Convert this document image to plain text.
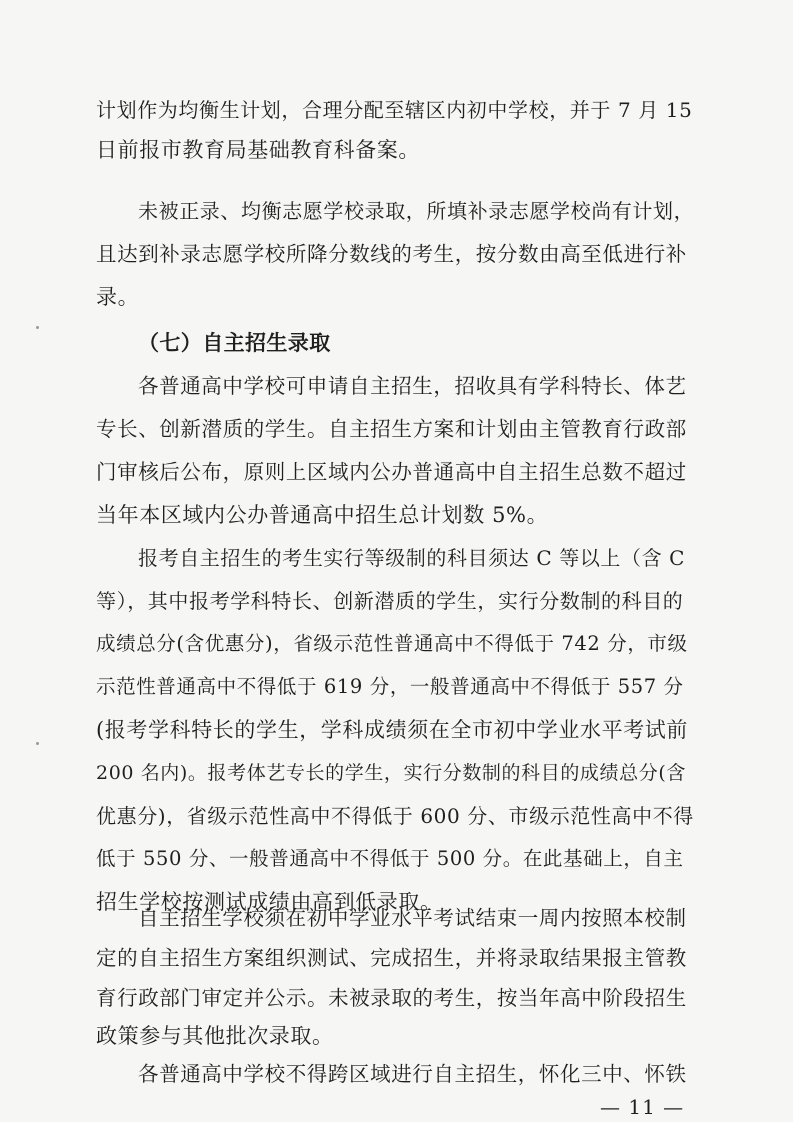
计划作为均衡生计划，合理分配至辖区内初中学校，并于 7 月 15
日前报市教育局基础教育科备案。
未被正录、均衡志愿学校录取，所填补录志愿学校尚有计划，
且达到补录志愿学校所降分数线的考生，按分数由高至低进行补
录。
（七）自主招生录取
各普通高中学校可申请自主招生，招收具有学科特长、体艺
专长、创新潜质的学生。自主招生方案和计划由主管教育行政部
门审核后公布，原则上区域内公办普通高中自主招生总数不超过
当年本区域内公办普通高中招生总计划数 5%。
报考自主招生的考生实行等级制的科目须达 C 等以上（含 C
等），其中报考学科特长、创新潜质的学生，实行分数制的科目的
成绩总分(含优惠分)，省级示范性普通高中不得低于 742 分，市级
示范性普通高中不得低于 619 分，一般普通高中不得低于 557 分
(报考学科特长的学生，学科成绩须在全市初中学业水平考试前
200 名内)。报考体艺专长的学生，实行分数制的科目的成绩总分(含
优惠分)，省级示范性高中不得低于 600 分、市级示范性高中不得
低于 550 分、一般普通高中不得低于 500 分。在此基础上，自主
招生学校按测试成绩由高到低录取。
自主招生学校须在初中学业水平考试结束一周内按照本校制
定的自主招生方案组织测试、完成招生，并将录取结果报主管教
育行政部门审定并公示。未被录取的考生，按当年高中阶段招生
政策参与其他批次录取。
— 11 —
各普通高中学校不得跨区域进行自主招生，怀化三中、怀铁
